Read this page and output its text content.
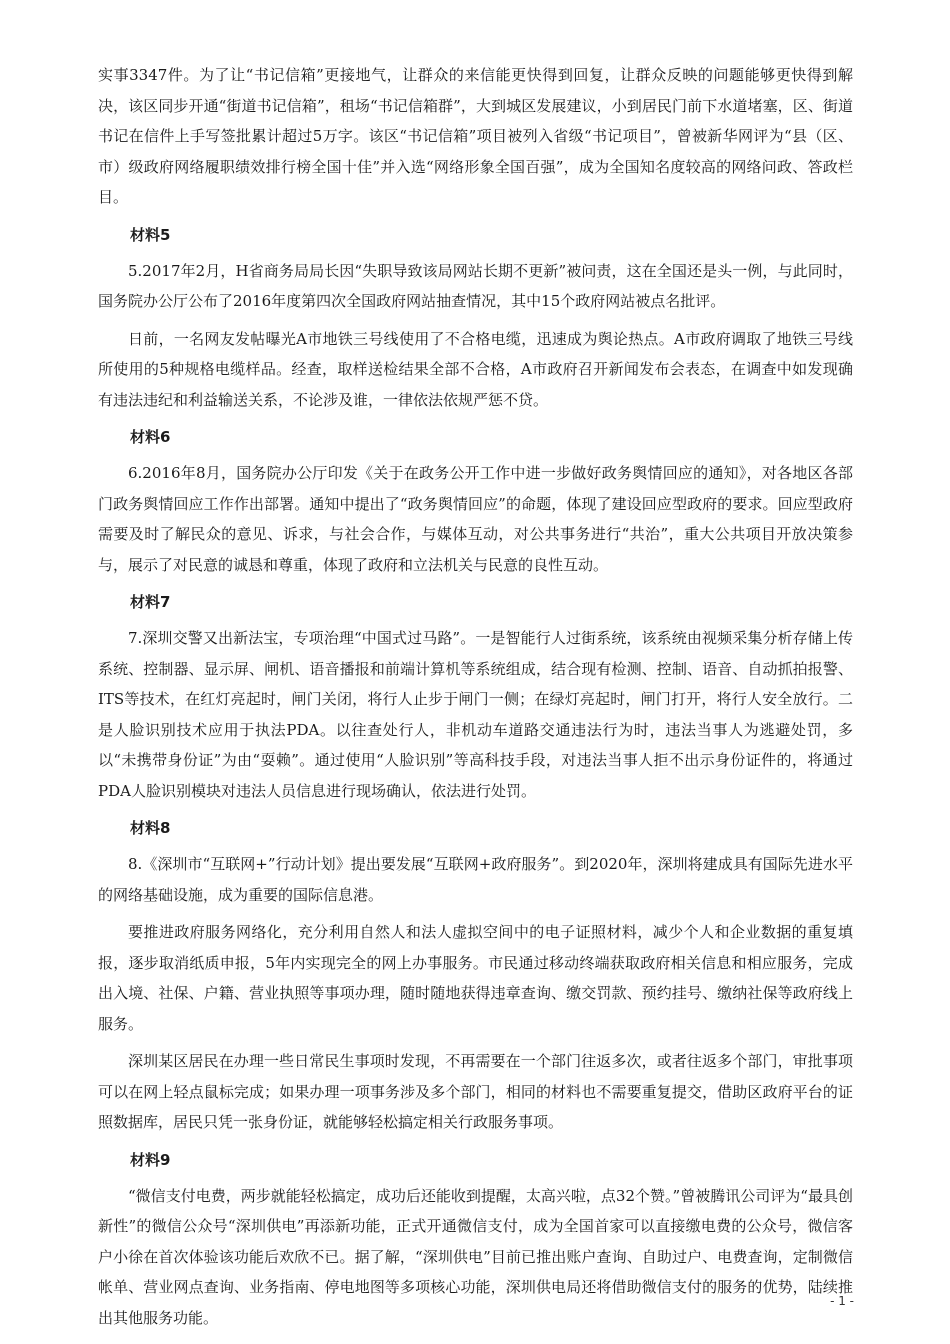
实事3347件。为了让“书记信箱”更接地气，让群众的来信能更快得到回复，让群众反映的问题能够更快得到解决，该区同步开通“街道书记信箱”，租场“书记信箱群”，大到城区发展建议，小到居民门前下水道堵塞，区、街道书记在信件上手写签批累计超过5万字。该区“书记信箱”项目被列入省级“书记项目”，曾被新华网评为“县（区、市）级政府网络履职绩效排行榜全国十佳”并入选“网络形象全国百强”，成为全国知名度较高的网络问政、答政栏目。

材料5

5.2017年2月，H省商务局局长因“失职导致该局网站长期不更新”被问责，这在全国还是头一例，与此同时，国务院办公厅公布了2016年度第四次全国政府网站抽查情况，其中15个政府网站被点名批评。

日前，一名网友发帖曝光A市地铁三号线使用了不合格电缆，迅速成为舆论热点。A市政府调取了地铁三号线所使用的5种规格电缆样品。经查，取样送检结果全部不合格，A市政府召开新闻发布会表态，在调查中如发现确有违法违纪和利益输送关系，不论涉及谁，一律依法依规严惩不贷。

材料6

6.2016年8月，国务院办公厅印发《关于在政务公开工作中进一步做好政务舆情回应的通知》，对各地区各部门政务舆情回应工作作出部署。通知中提出了“政务舆情回应”的命题，体现了建设回应型政府的要求。回应型政府需要及时了解民众的意见、诉求，与社会合作，与媒体互动，对公共事务进行“共治”，重大公共项目开放决策参与，展示了对民意的诚恳和尊重，体现了政府和立法机关与民意的良性互动。

材料7

7.深圳交警又出新法宝，专项治理“中国式过马路”。一是智能行人过街系统，该系统由视频采集分析存储上传系统、控制器、显示屏、闸机、语音播报和前端计算机等系统组成，结合现有检测、控制、语音、自动抓拍报警、ITS等技术，在红灯亮起时，闸门关闭，将行人止步于闸门一侧；在绿灯亮起时，闸门打开，将行人安全放行。二是人脸识别技术应用于执法PDA。以往查处行人，非机动车道路交通违法行为时，违法当事人为逃避处罚，多以“未携带身份证”为由“耍赖”。通过使用“人脸识别”等高科技手段，对违法当事人拒不出示身份证件的，将通过PDA人脸识别模块对违法人员信息进行现场确认，依法进行处罚。

材料8

8.《深圳市“互联网+”行动计划》提出要发展“互联网+政府服务”。到2020年，深圳将建成具有国际先进水平的网络基础设施，成为重要的国际信息港。

要推进政府服务网络化，充分利用自然人和法人虚拟空间中的电子证照材料，减少个人和企业数据的重复填报，逐步取消纸质申报，5年内实现完全的网上办事服务。市民通过移动终端获取政府相关信息和相应服务，完成出入境、社保、户籍、营业执照等事项办理，随时随地获得违章查询、缴交罚款、预约挂号、缴纳社保等政府线上服务。

深圳某区居民在办理一些日常民生事项时发现，不再需要在一个部门往返多次，或者往返多个部门，审批事项可以在网上轻点鼠标完成；如果办理一项事务涉及多个部门，相同的材料也不需要重复提交，借助区政府平台的证照数据库，居民只凭一张身份证，就能够轻松搞定相关行政服务事项。

材料9

“微信支付电费，两步就能轻松搞定，成功后还能收到提醒，太高兴啦，点32个赞。”曾被腾讯公司评为“最具创新性”的微信公众号“深圳供电”再添新功能，正式开通微信支付，成为全国首家可以直接缴电费的公众号，微信客户小徐在首次体验该功能后欢欣不已。据了解，“深圳供电”目前已推出账户查询、自助过户、电费查询，定制微信帐单、营业网点查询、业务指南、停电地图等多项核心功能，深圳供电局还将借助微信支付的服务的优势，陆续推出其他服务功能。

- 1 -
